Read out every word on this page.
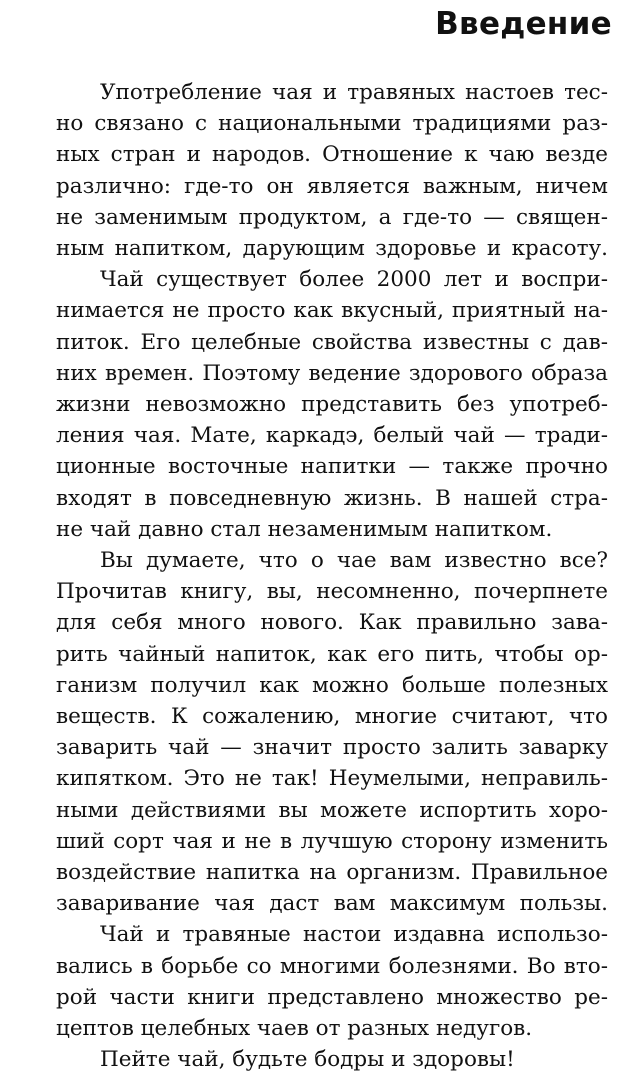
Введение

Употребление чая и травяных настоев тес-
но связано с национальными традициями раз-
ных стран и народов. Отношение к чаю везде
различно: где-то он является важным, ничем
не заменимым продуктом, а где-то — священ-
ным напитком, дарующим здоровье и красоту.

Чай существует более 2000 лет и воспри-
нимается не просто как вкусный, приятный на-
питок. Его целебные свойства известны с дав-
них времен. Поэтому ведение здорового образа
жизни невозможно представить без употреб-
ления чая. Мате, каркадэ, белый чай — тради-
ционные восточные напитки — также прочно
входят в повседневную жизнь. В нашей стра-
не чай давно стал незаменимым напитком.

Вы думаете, что о чае вам известно все?
Прочитав книгу, вы, несомненно, почерпнете
для себя много нового. Как правильно зава-
рить чайный напиток, как его пить, чтобы ор-
ганизм получил как можно больше полезных
веществ. К сожалению, многие считают, что
заварить чай — значит просто залить заварку
кипятком. Это не так! Неумелыми, неправиль-
ными действиями вы можете испортить хоро-
ший сорт чая и не в лучшую сторону изменить
воздействие напитка на организм. Правильное
заваривание чая даст вам максимум пользы.

Чай и травяные настои издавна использо-
вались в борьбе со многими болезнями. Во вто-
рой части книги представлено множество ре-
цептов целебных чаев от разных недугов.

Пейте чай, будьте бодры и здоровы!
